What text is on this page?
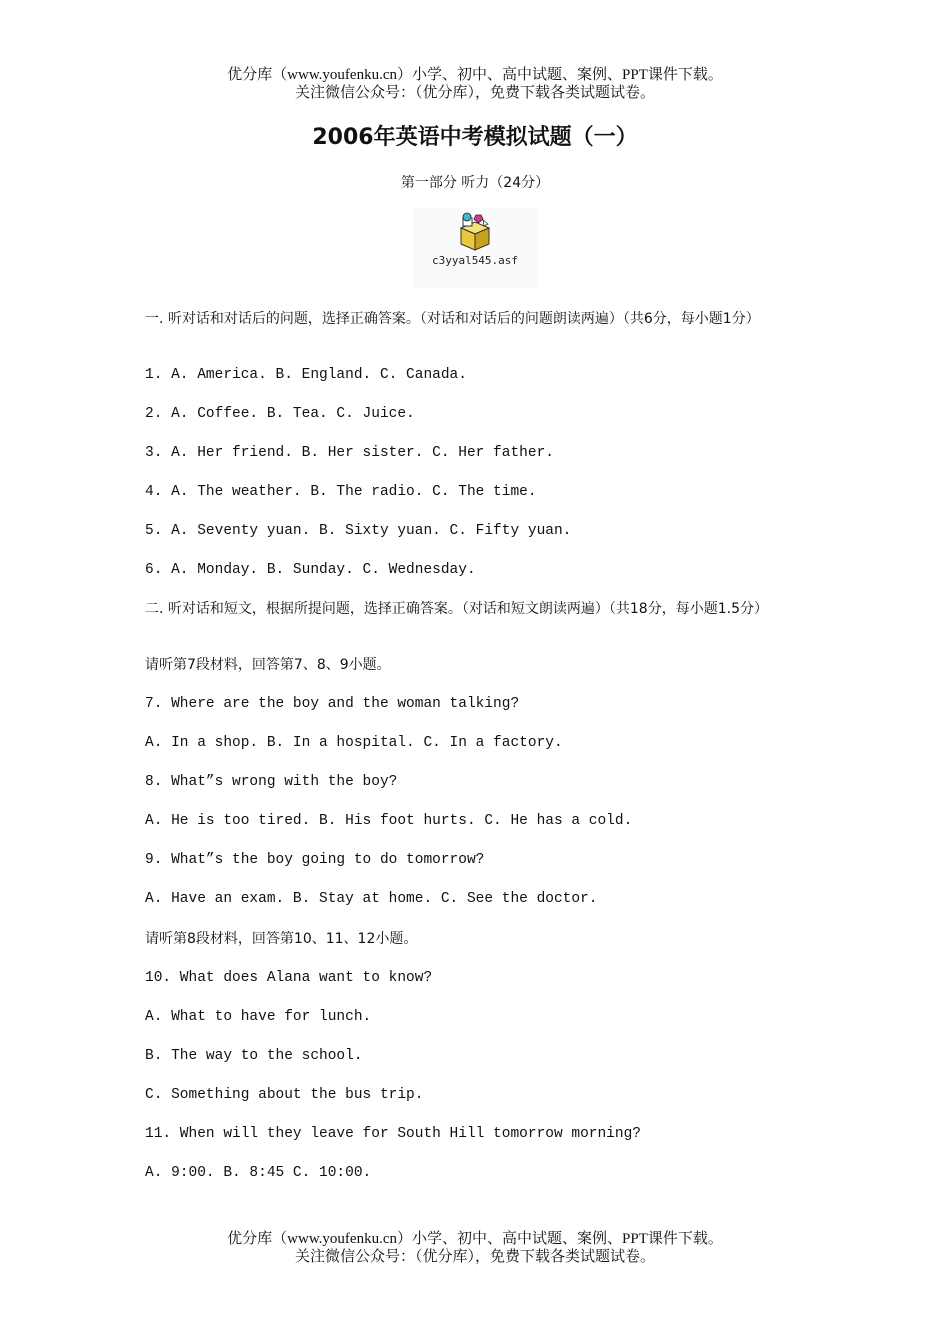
优分库（www.youfenku.cn）小学、初中、高中试题、案例、PPT课件下载。
关注微信公众号：（优分库），免费下载各类试题试卷。
2006年英语中考模拟试题（一）
第一部分 听力（24分）
c3yyal545.asf
一. 听对话和对话后的问题，选择正确答案。（对话和对话后的问题朗读两遍）（共6分，每小题1分）
1. A. America. B. England. C. Canada.
2. A. Coffee. B. Tea. C. Juice.
3. A. Her friend. B. Her sister. C. Her father.
4. A. The weather. B. The radio. C. The time.
5. A. Seventy yuan. B. Sixty yuan. C. Fifty yuan.
6. A. Monday. B. Sunday. C. Wednesday.
二. 听对话和短文，根据所提问题，选择正确答案。（对话和短文朗读两遍）（共18分，每小题1.5分）
请听第7段材料，回答第7、8、9小题。
7. Where are the boy and the woman talking?
A. In a shop. B. In a hospital. C. In a factory.
8. What”s wrong with the boy?
A. He is too tired. B. His foot hurts. C. He has a cold.
9. What”s the boy going to do tomorrow?
A. Have an exam. B. Stay at home. C. See the doctor.
请听第8段材料，回答第10、11、12小题。
10. What does Alana want to know?
A. What to have for lunch.
B. The way to the school.
C. Something about the bus trip.
11. When will they leave for South Hill tomorrow morning?
A. 9:00. B. 8:45 C. 10:00.
优分库（www.youfenku.cn）小学、初中、高中试题、案例、PPT课件下载。
关注微信公众号：（优分库），免费下载各类试题试卷。
